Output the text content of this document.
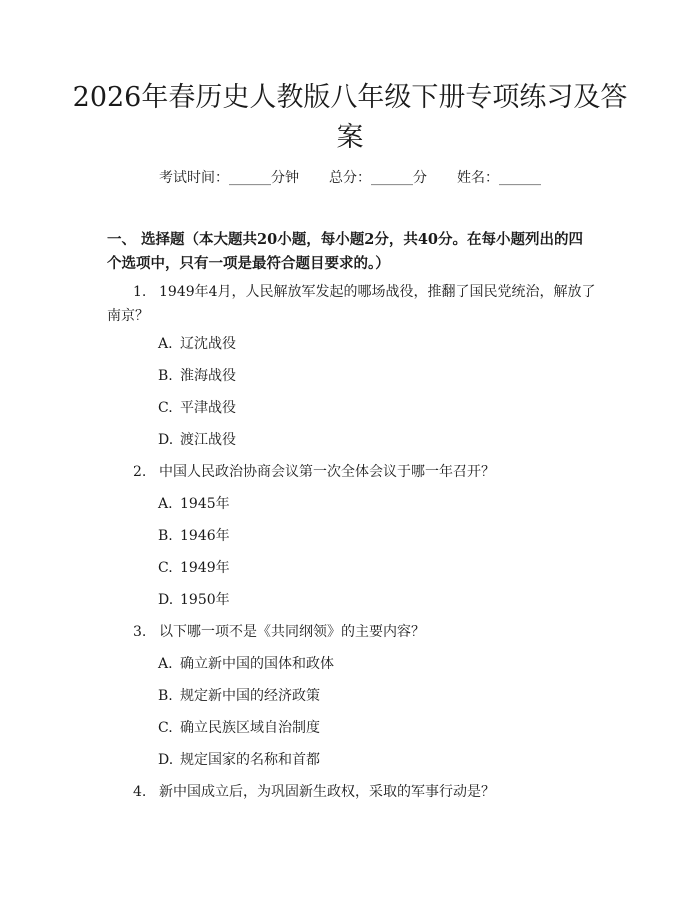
2026年春历史人教版八年级下册专项练习及答案
考试时间：______分钟 总分：______分 姓名：______

一、 选择题（本大题共20小题，每小题2分，共40分。在每小题列出的四个选项中，只有一项是最符合题目要求的。）

1. 1949年4月，人民解放军发起的哪场战役，推翻了国民党统治，解放了南京？

A. 辽沈战役

B. 淮海战役

C. 平津战役

D. 渡江战役

2. 中国人民政治协商会议第一次全体会议于哪一年召开？

A. 1945年

B. 1946年

C. 1949年

D. 1950年

3. 以下哪一项不是《共同纲领》的主要内容？

A. 确立新中国的国体和政体

B. 规定新中国的经济政策

C. 确立民族区域自治制度

D. 规定国家的名称和首都

4. 新中国成立后，为巩固新生政权，采取的军事行动是？
